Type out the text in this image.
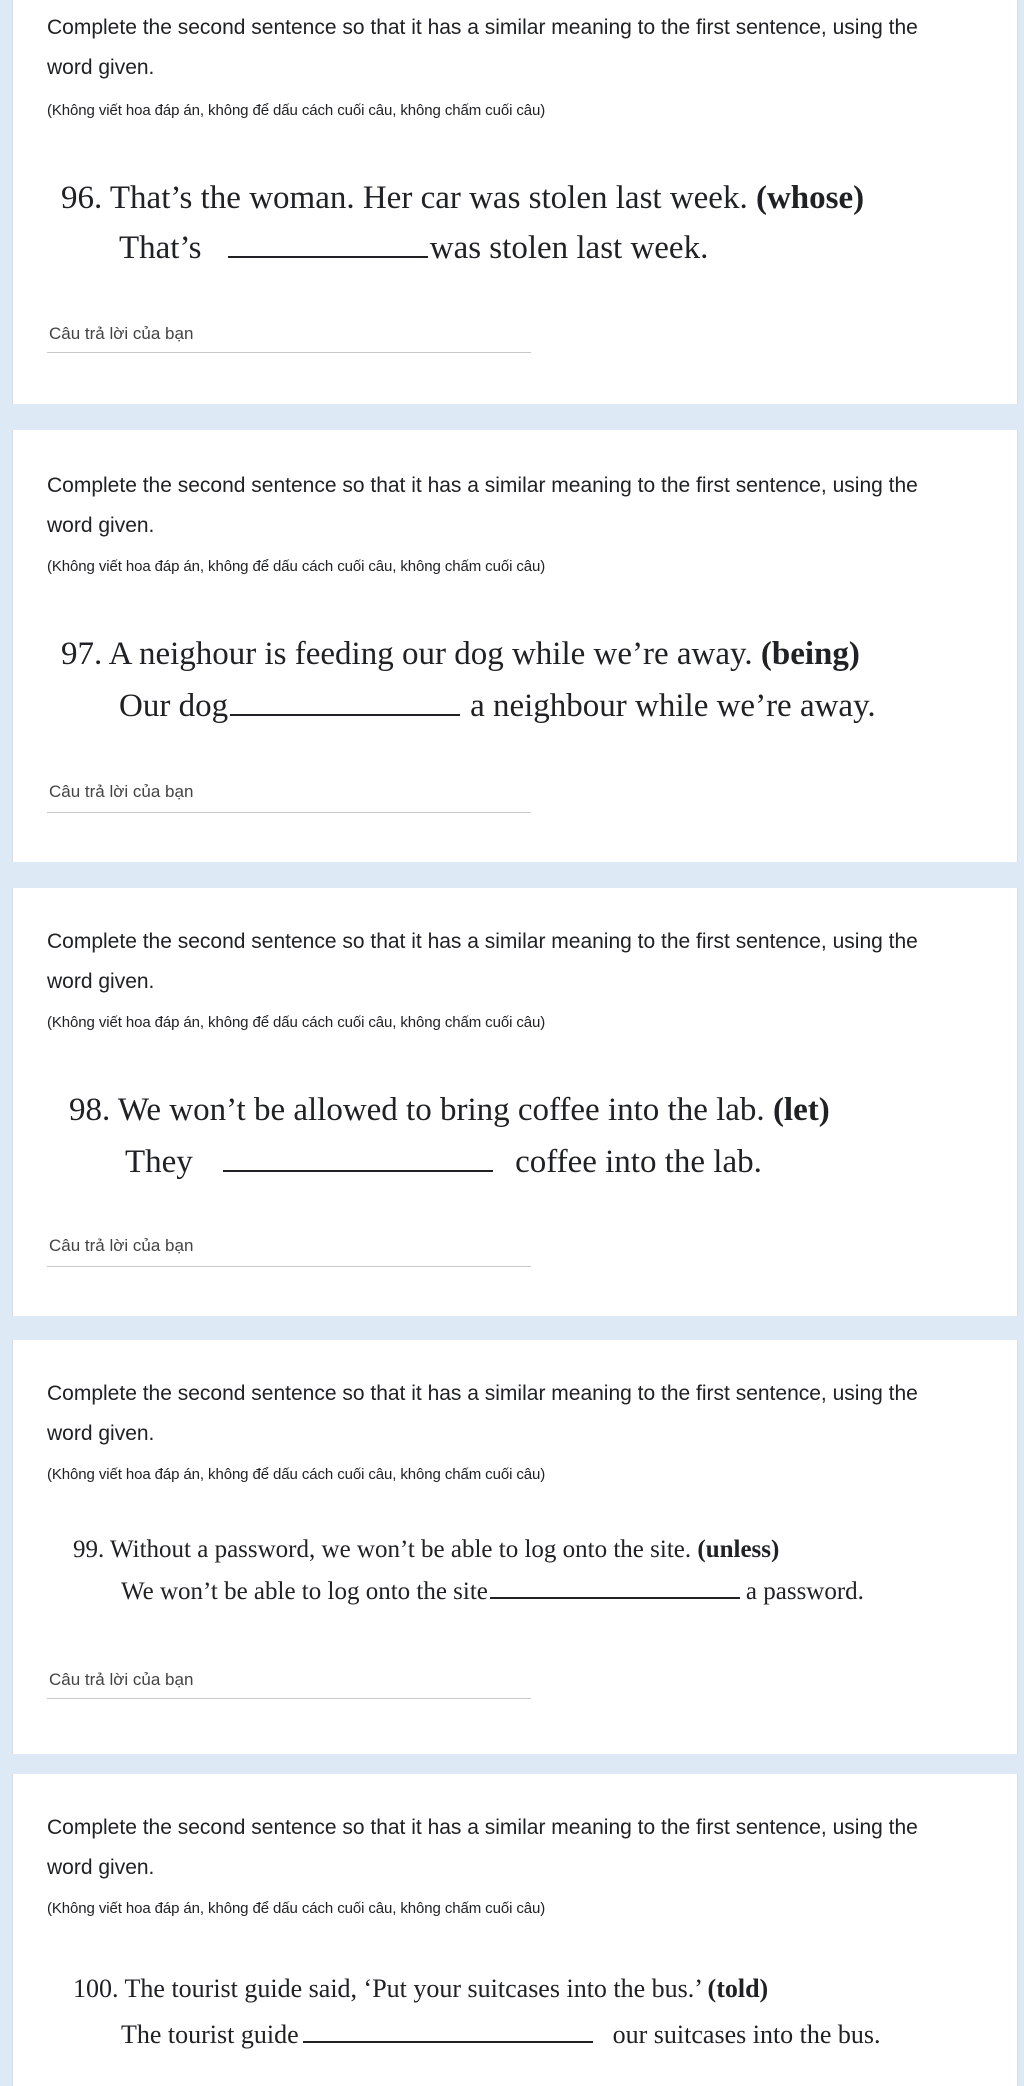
Complete the second sentence so that it has a similar meaning to the first sentence, using the word given.
(Không viết hoa đáp án, không để dấu cách cuối câu, không chấm cuối câu)
96. That’s the woman. Her car was stolen last week. (whose)
That’s	was stolen last week.
Câu trả lời của bạn
Complete the second sentence so that it has a similar meaning to the first sentence, using the word given.
(Không viết hoa đáp án, không để dấu cách cuối câu, không chấm cuối câu)
97. A neighour is feeding our dog while we’re away. (being)
Our dog	a neighbour while we’re away.
Câu trả lời của bạn
Complete the second sentence so that it has a similar meaning to the first sentence, using the word given.
(Không viết hoa đáp án, không để dấu cách cuối câu, không chấm cuối câu)
98. We won’t be allowed to bring coffee into the lab. (let)
They	coffee into the lab.
Câu trả lời của bạn
Complete the second sentence so that it has a similar meaning to the first sentence, using the word given.
(Không viết hoa đáp án, không để dấu cách cuối câu, không chấm cuối câu)
99. Without a password, we won’t be able to log onto the site. (unless)
We won’t be able to log onto the site	a password.
Câu trả lời của bạn
Complete the second sentence so that it has a similar meaning to the first sentence, using the word given.
(Không viết hoa đáp án, không để dấu cách cuối câu, không chấm cuối câu)
100. The tourist guide said, ‘Put your suitcases into the bus.’ (told)
The tourist guide	our suitcases into the bus.
